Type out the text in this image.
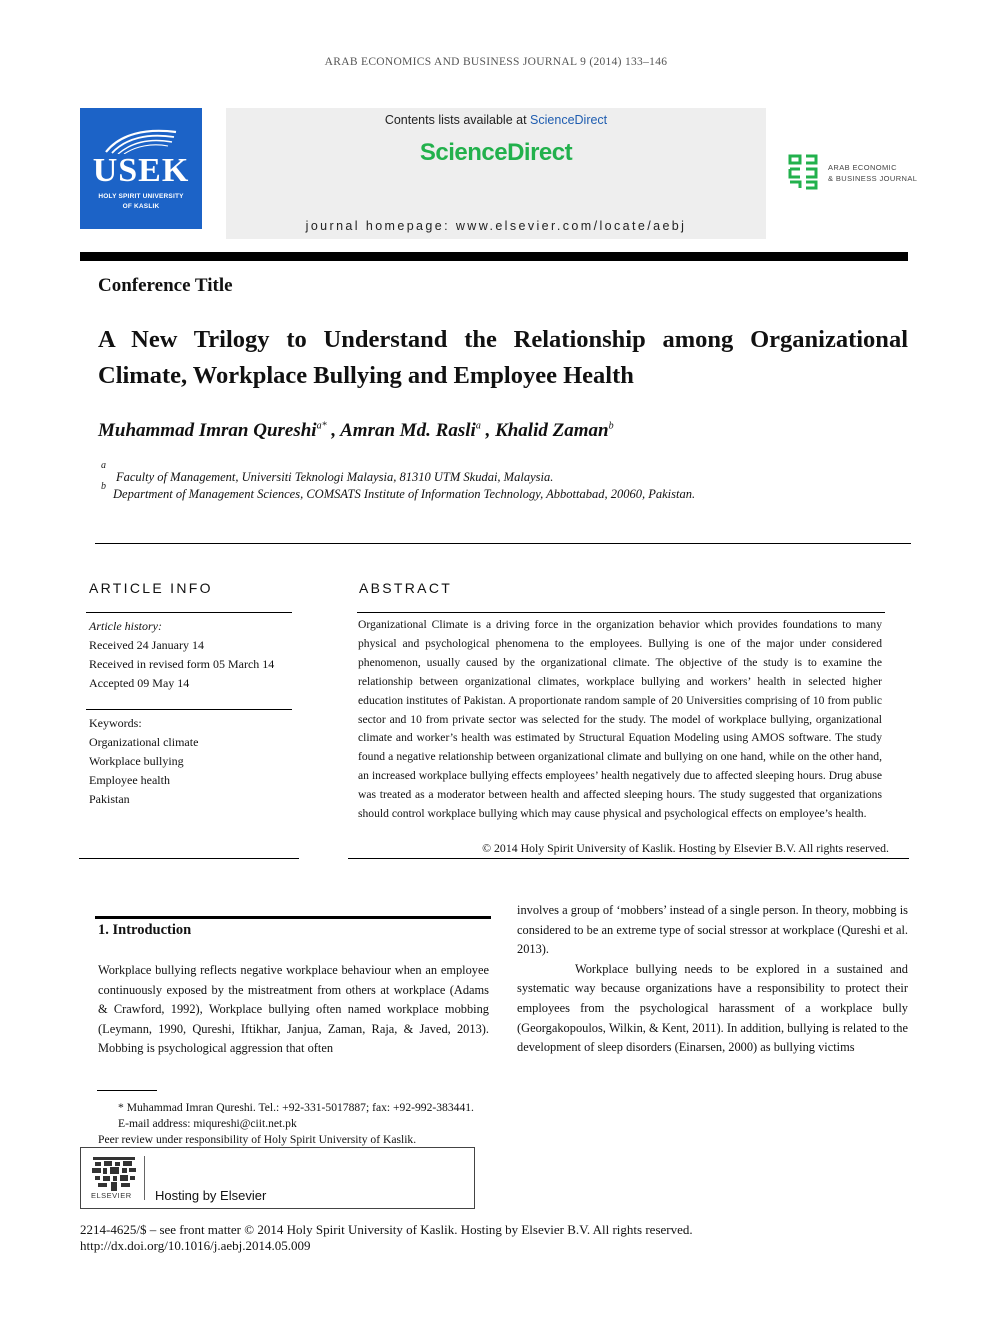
ARAB ECONOMICS AND BUSINESS JOURNAL 9 (2014) 133–146
USEK
HOLY SPIRIT UNIVERSITY
OF KASLIK
Contents lists available at ScienceDirect
ScienceDirect
journal homepage: www.elsevier.com/locate/aebj
ARAB ECONOMIC
& BUSINESS JOURNAL
Conference Title
A New Trilogy to Understand the Relationship among Organizational Climate, Workplace Bullying and Employee Health
Muhammad Imran Qureshi$^{a*}$ , Amran Md. Rasli$^a$ , Khalid Zaman$^b$
a
Faculty of Management, Universiti Teknologi Malaysia, 81310 UTM Skudai, Malaysia.
b
Department of Management Sciences, COMSATS Institute of Information Technology, Abbottabad, 20060, Pakistan.
ARTICLE INFO
Article history:
Received 24 January 14
Received in revised form 05 March 14
Accepted 09 May 14
Keywords:
Organizational climate
Workplace bullying
Employee health
Pakistan
ABSTRACT
Organizational Climate is a driving force in the organization behavior which provides foundations to many physical and psychological phenomena to the employees. Bullying is one of the major under considered phenomenon, usually caused by the organizational climate. The objective of the study is to examine the relationship between organizational climates, workplace bullying and workers’ health in selected higher education institutes of Pakistan. A proportionate random sample of 20 Universities comprising of 10 from public sector and 10 from private sector was selected for the study. The model of workplace bullying, organizational climate and worker’s health was estimated by Structural Equation Modeling using AMOS software. The study found a negative relationship between organizational climate and bullying on one hand, while on the other hand, an increased workplace bullying effects employees’ health negatively due to affected sleeping hours. Drug abuse was treated as a moderator between health and affected sleeping hours. The study suggested that organizations should control workplace bullying which may cause physical and psychological effects on employee’s health.
© 2014 Holy Spirit University of Kaslik. Hosting by Elsevier B.V. All rights reserved.
1. Introduction
Workplace bullying reflects negative workplace behaviour when an employee continuously exposed by the mistreatment from others at workplace (Adams & Crawford, 1992), Workplace bullying often named workplace mobbing (Leymann, 1990, Qureshi, Iftikhar, Janjua, Zaman, Raja, & Javed, 2013). Mobbing is psychological aggression that often
involves a group of ‘mobbers’ instead of a single person. In theory, mobbing is considered to be an extreme type of social stressor at workplace (Qureshi et al. 2013).
Workplace bullying needs to be explored in a sustained and systematic way because organizations have a responsibility to protect their employees from the psychological harassment of a workplace bully (Georgakopoulos, Wilkin, & Kent, 2011). In addition, bullying is related to the development of sleep disorders (Einarsen, 2000) as bullying victims
* Muhammad Imran Qureshi. Tel.: +92-331-5017887; fax: +92-992-383441.
E-mail address: miqureshi@ciit.net.pk
Peer review under responsibility of Holy Spirit University of Kaslik.
ELSEVIER Hosting by Elsevier
2214-4625/$ – see front matter © 2014 Holy Spirit University of Kaslik. Hosting by Elsevier B.V. All rights reserved.
http://dx.doi.org/10.1016/j.aebj.2014.05.009
